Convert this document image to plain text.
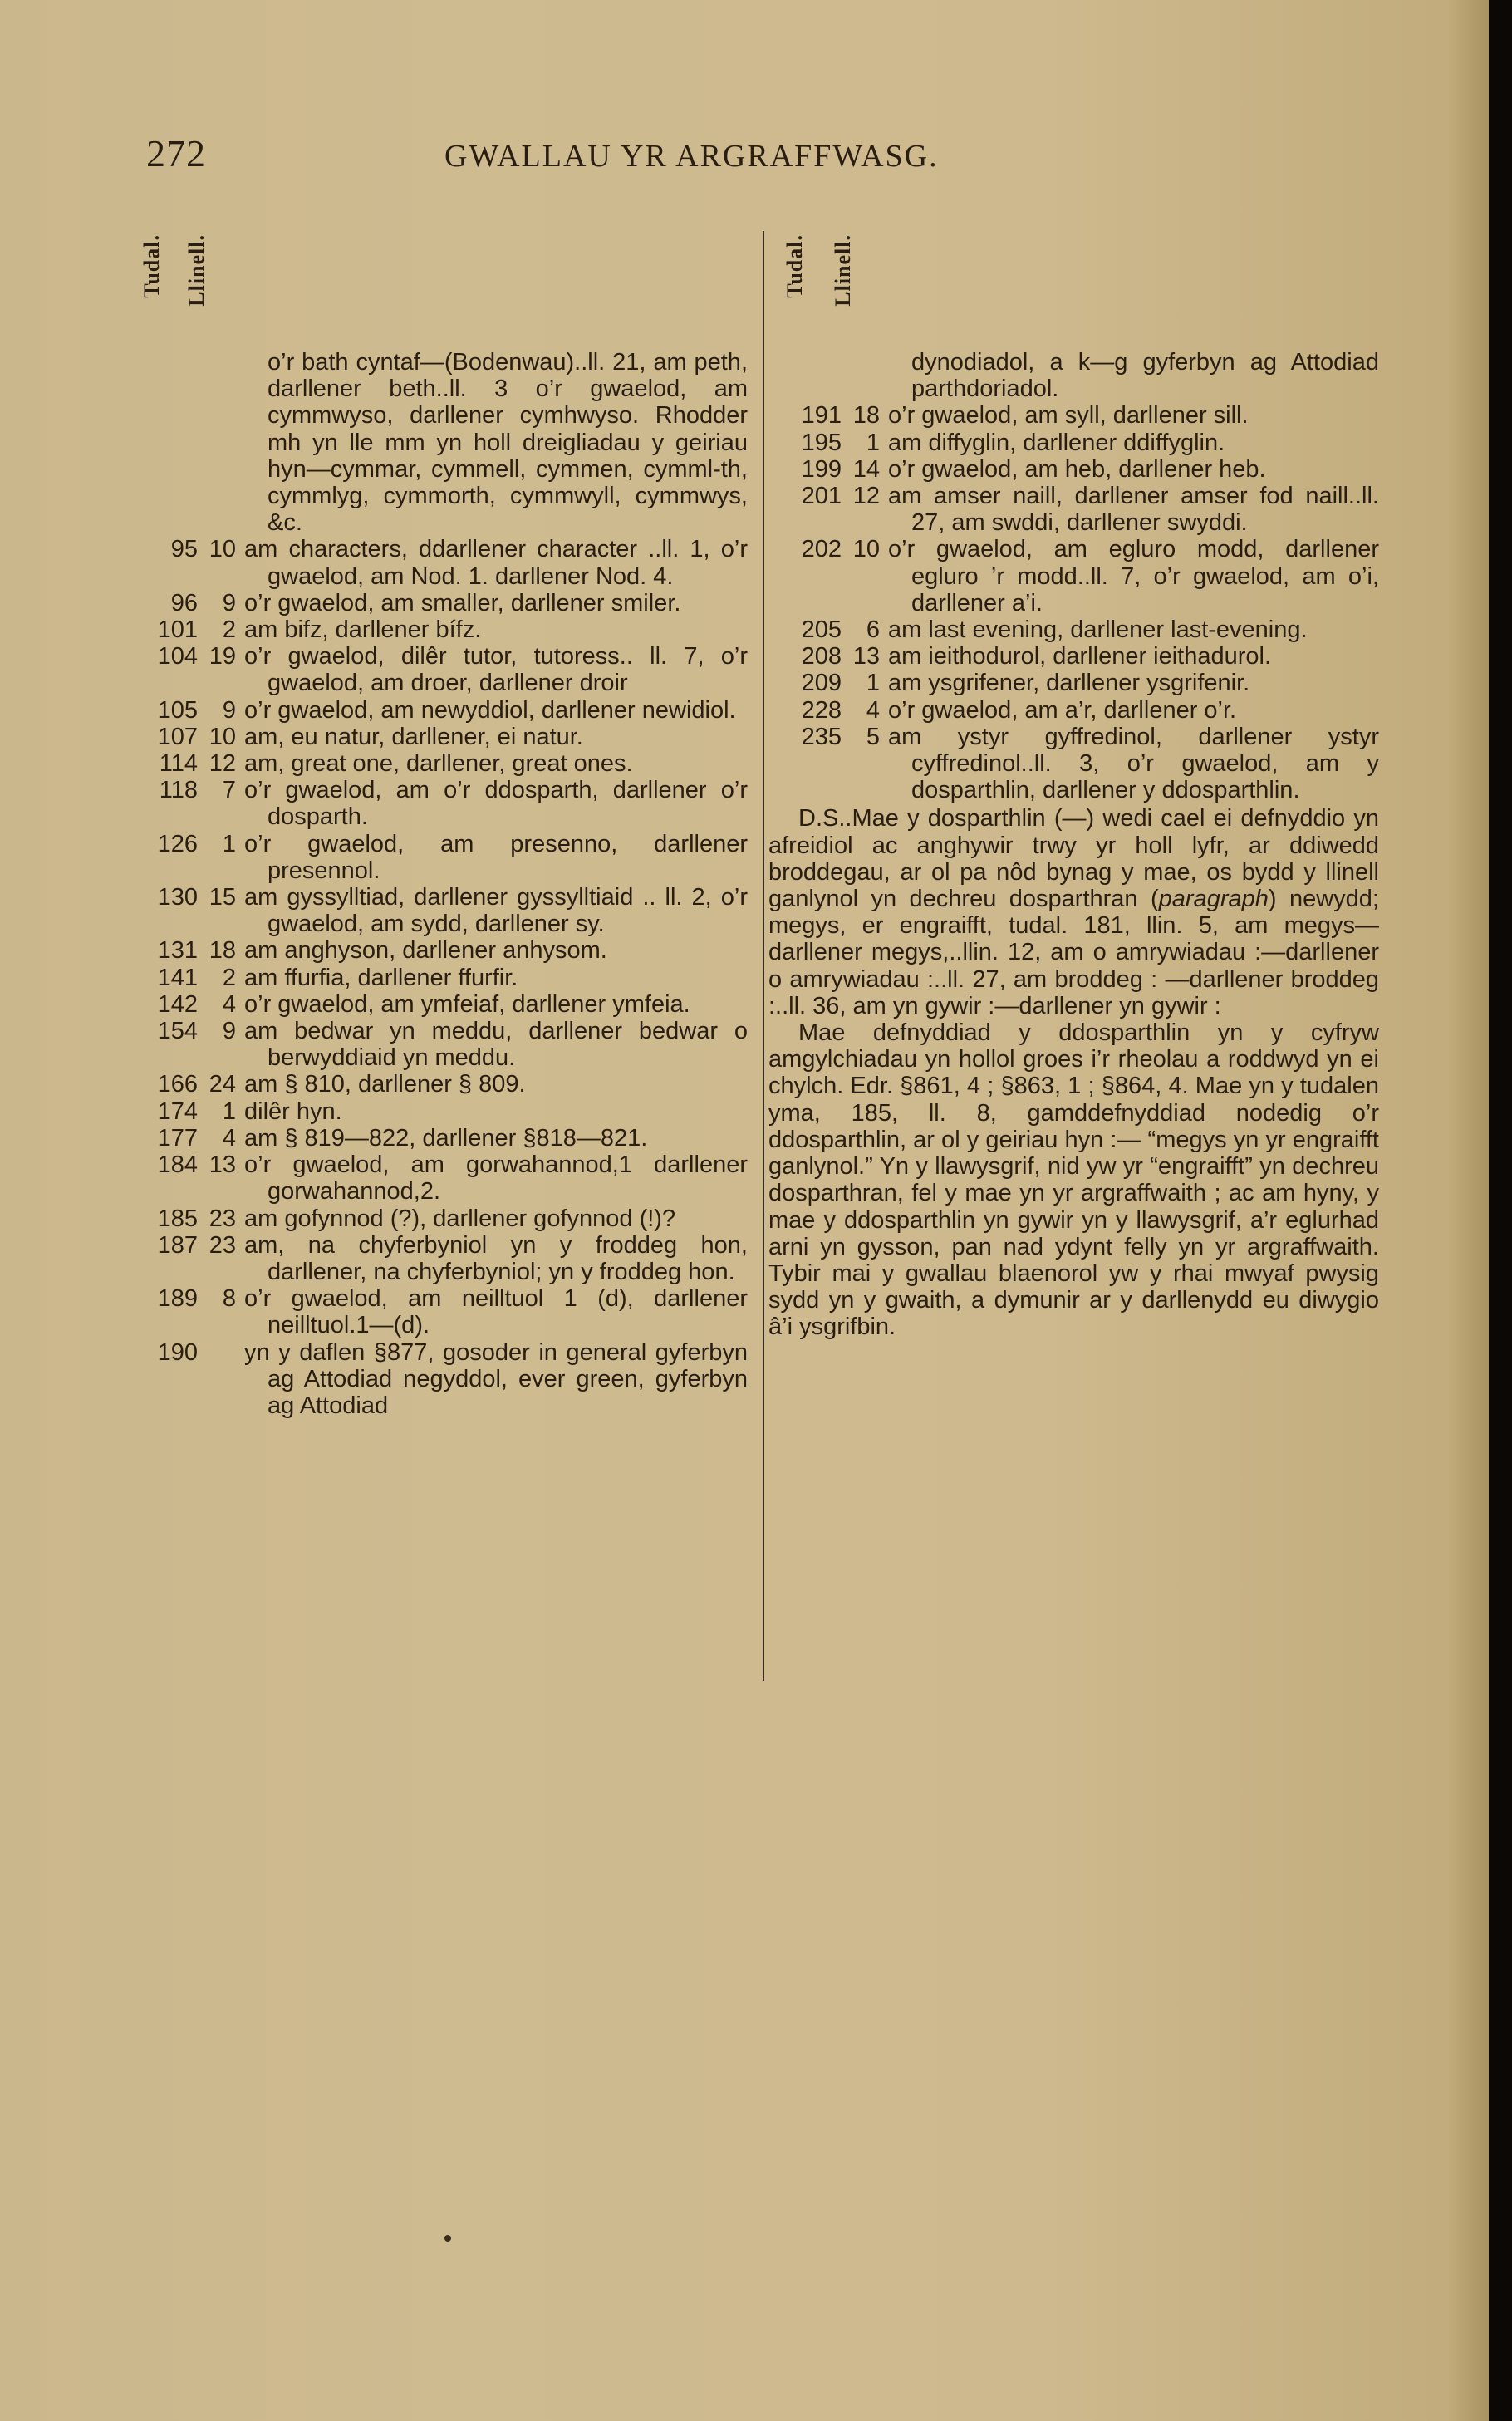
272	GWALLAU YR ARGRAFFWASG.
Tudal. Llinell.
o’r bath cyntaf—(Bodenwau)..ll. 21, am peth, darllener beth..ll. 3 o’r gwaelod, am cymmwyso, darllener cymhwyso. Rhodder mh yn lle mm yn holl dreigliadau y geiriau hyn—cymmar, cymmell, cymmen, cymml-th, cymmlyg, cymmorth, cymmwyll, cymmwys, &c.
95 10 am characters, ddarllener character ..ll. 1, o’r gwaelod, am Nod. 1. darllener Nod. 4.
96	9 o’r gwaelod, am smaller, darllener smiler.
101	2 am bifz, darllener bífz.
104 19 o’r gwaelod, dilêr tutor, tutoress.. ll. 7, o’r gwaelod, am droer, darllener droir
105	9 o’r gwaelod, am newyddiol, darllener newidiol.
107 10 am, eu natur, darllener, ei natur.
114 12 am, great one, darllener, great ones.
118	7 o’r gwaelod, am o’r ddosparth, darllener o’r dosparth.
126	1 o’r gwaelod, am presenno, darllener presennol.
130 15 am gyssylltiad, darllener gyssylltiaid .. ll. 2, o’r gwaelod, am sydd, darllener sy.
131 18 am anghyson, darllener anhysom.
141	2 am ffurfia, darllener ffurfir.
142	4 o’r gwaelod, am ymfeiaf, darllener ymfeia.
154	9 am bedwar yn meddu, darllener bedwar o berwyddiaid yn meddu.
166 24 am § 810, darllener § 809.
174	1 dilêr hyn.
177	4 am § 819—822, darllener §818—821.
184 13 o’r gwaelod, am gorwahannod,1 darllener gorwahannod,2.
185 23 am gofynnod (?), darllener gofynnod (!)?
187 23 am, na chyferbyniol yn y froddeg hon, darllener, na chyferbyniol; yn y froddeg hon.
189	8 o’r gwaelod, am neilltuol 1 (d), darllener neilltuol.1—(d).
190 yn y daflen §877, gosoder in general gyferbyn ag Attodiad negyddol, ever green, gyferbyn ag Attodiad
Tudal. Llinell.
dynodiadol, a k—g gyferbyn ag Attodiad parthdoriadol.
191 18 o’r gwaelod, am syll, darllener sill.
195	1 am diffyglin, darllener ddiffyglin.
199 14 o’r gwaelod, am heb, darllener heb.
201 12 am amser naill, darllener amser fod naill..ll. 27, am swddi, darllener swyddi.
202 10 o’r gwaelod, am egluro modd, darllener egluro ’r modd..ll. 7, o’r gwaelod, am o’i, darllener a’i.
205	6 am last evening, darllener last-evening.
208 13 am ieithodurol, darllener ieithadurol.
209	1 am ysgrifener, darllener ysgrifenir.
228	4 o’r gwaelod, am a’r, darllener o’r.
235	5 am ystyr gyffredinol, darllener ystyr cyffredinol..ll. 3, o’r gwaelod, am y dosparthlin, darllener y ddosparthlin.

D.S..Mae y dosparthlin (—) wedi cael ei defnyddio yn afreidiol ac anghywir trwy yr holl lyfr, ar ddiwedd broddegau, ar ol pa nôd bynag y mae, os bydd y llinell ganlynol yn dechreu dosparthran (paragraph) newydd; megys, er engraifft, tudal. 181, llin. 5, am megys—darllener megys,..llin. 12, am o amrywiadau :—darllener o amrywiadau :..ll. 27, am broddeg : —darllener broddeg :..ll. 36, am yn gywir :—darllener yn gywir :

Mae defnyddiad y ddosparthlin yn y cyfryw amgylchiadau yn hollol groes i’r rheolau a roddwyd yn ei chylch. Edr. §861, 4 ; §863, 1 ; §864, 4. Mae yn y tudalen yma, 185, ll. 8, gamddefnyddiad nodedig o’r ddosparthlin, ar ol y geiriau hyn :— “megys yn yr engraifft ganlynol.” Yn y llawysgrif, nid yw yr “engraifft” yn dechreu dosparthran, fel y mae yn yr argraffwaith ; ac am hyny, y mae y ddosparthlin yn gywir yn y llawysgrif, a’r eglurhad arni yn gysson, pan nad ydynt felly yn yr argraffwaith. Tybir mai y gwallau blaenorol yw y rhai mwyaf pwysig sydd yn y gwaith, a dymunir ar y darllenydd eu diwygio â’i ysgrifbin.
